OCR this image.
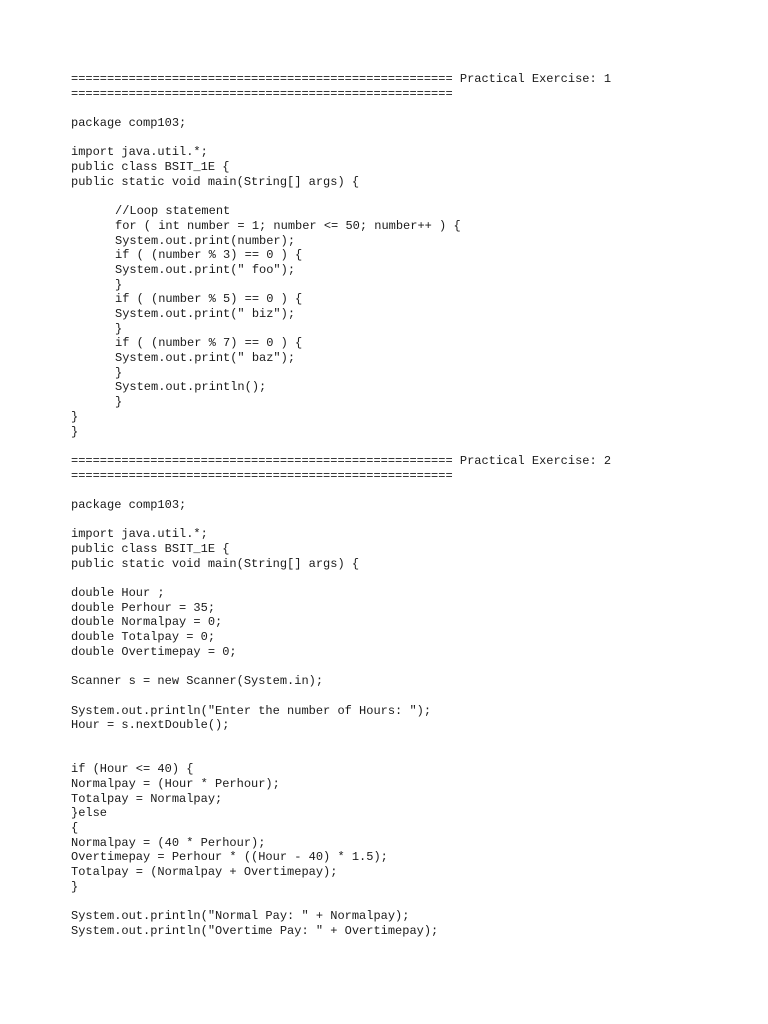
===================================================== Practical Exercise: 1
=====================================================
package comp103;
import java.util.*;
public class BSIT_1E {
public static void main(String[] args) {
//Loop statement
for ( int number = 1; number <= 50; number++ ) {
System.out.print(number);
if ( (number % 3) == 0 ) {
System.out.print(" foo");
}
if ( (number % 5) == 0 ) {
System.out.print(" biz");
}
if ( (number % 7) == 0 ) {
System.out.print(" baz");
}
System.out.println();
}
}
}
===================================================== Practical Exercise: 2
=====================================================
package comp103;
import java.util.*;
public class BSIT_1E {
public static void main(String[] args) {
double Hour ;
double Perhour = 35;
double Normalpay = 0;
double Totalpay = 0;
double Overtimepay = 0;
Scanner s = new Scanner(System.in);
System.out.println("Enter the number of Hours: ");
Hour = s.nextDouble();
if (Hour <= 40) {
Normalpay = (Hour * Perhour);
Totalpay = Normalpay;
}else
{
Normalpay = (40 * Perhour);
Overtimepay = Perhour * ((Hour - 40) * 1.5);
Totalpay = (Normalpay + Overtimepay);
}
System.out.println("Normal Pay: " + Normalpay);
System.out.println("Overtime Pay: " + Overtimepay);
